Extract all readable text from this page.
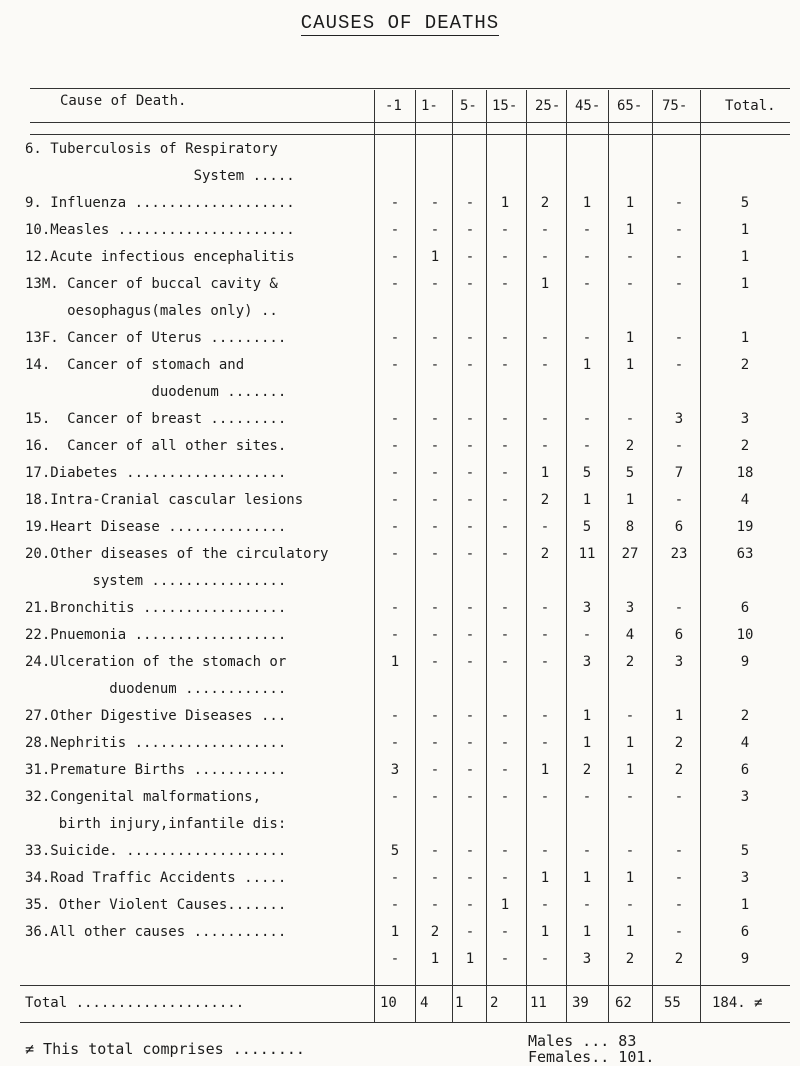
CAUSES OF DEATHS
Cause of Death.	-1 1- 5- 15- 25- 45- 65- 75-	Total.
6. Tuberculosis of Respiratory
System .....
9. Influenza ...................	-	-	-	1	2	1	1	-	5
10.Measles .....................	-	-	-	-	-	-	1	-	1
12.Acute infectious encephalitis	-	1	-	-	-	-	-	-	1
13M. Cancer of buccal cavity &	-	-	-	-	1	-	-	-	1
oesophagus(males only) ..
13F. Cancer of Uterus .........	-	-	-	-	-	-	1	-	1
14.  Cancer of stomach and	-	-	-	-	-	1	1	-	2
duodenum .......
15.  Cancer of breast .........	-	-	-	-	-	-	-	3	3
16.  Cancer of all other sites.	-	-	-	-	-	-	2	-	2
17.Diabetes ...................	-	-	-	-	1	5	5	7	18
18.Intra-Cranial cascular lesions	-	-	-	-	2	1	1	-	4
19.Heart Disease ..............	-	-	-	-	-	5	8	6	19
20.Other diseases of the circulatory	-	-	-	-	2	11	27	23	63
system ................
21.Bronchitis .................	-	-	-	-	-	3	3	-	6
22.Pnuemonia ..................	-	-	-	-	-	-	4	6	10
24.Ulceration of the stomach or	1	-	-	-	-	3	2	3	9
duodenum ............
27.Other Digestive Diseases ...	-	-	-	-	-	1	-	1	2
28.Nephritis ..................	-	-	-	-	-	1	1	2	4
31.Premature Births ...........	3	-	-	-	1	2	1	2	6
32.Congenital malformations,	-	-	-	-	-	-	-	-	3
birth injury,infantile dis:
33.Suicide. ...................	5	-	-	-	-	-	-	-	5
34.Road Traffic Accidents .....	-	-	-	-	1	1	1	-	3
35. Other Violent Causes.......	-	-	-	1	-	-	-	-	1
36.All other causes ...........	1	2	-	-	1	1	1	-	6
-	1	1	-	-	3	2	2	9
Total ....................	10 4 1 2 11 39 62 55 184. ≠
≠ This total comprises ........	Males ... 83
Females.. 101.
